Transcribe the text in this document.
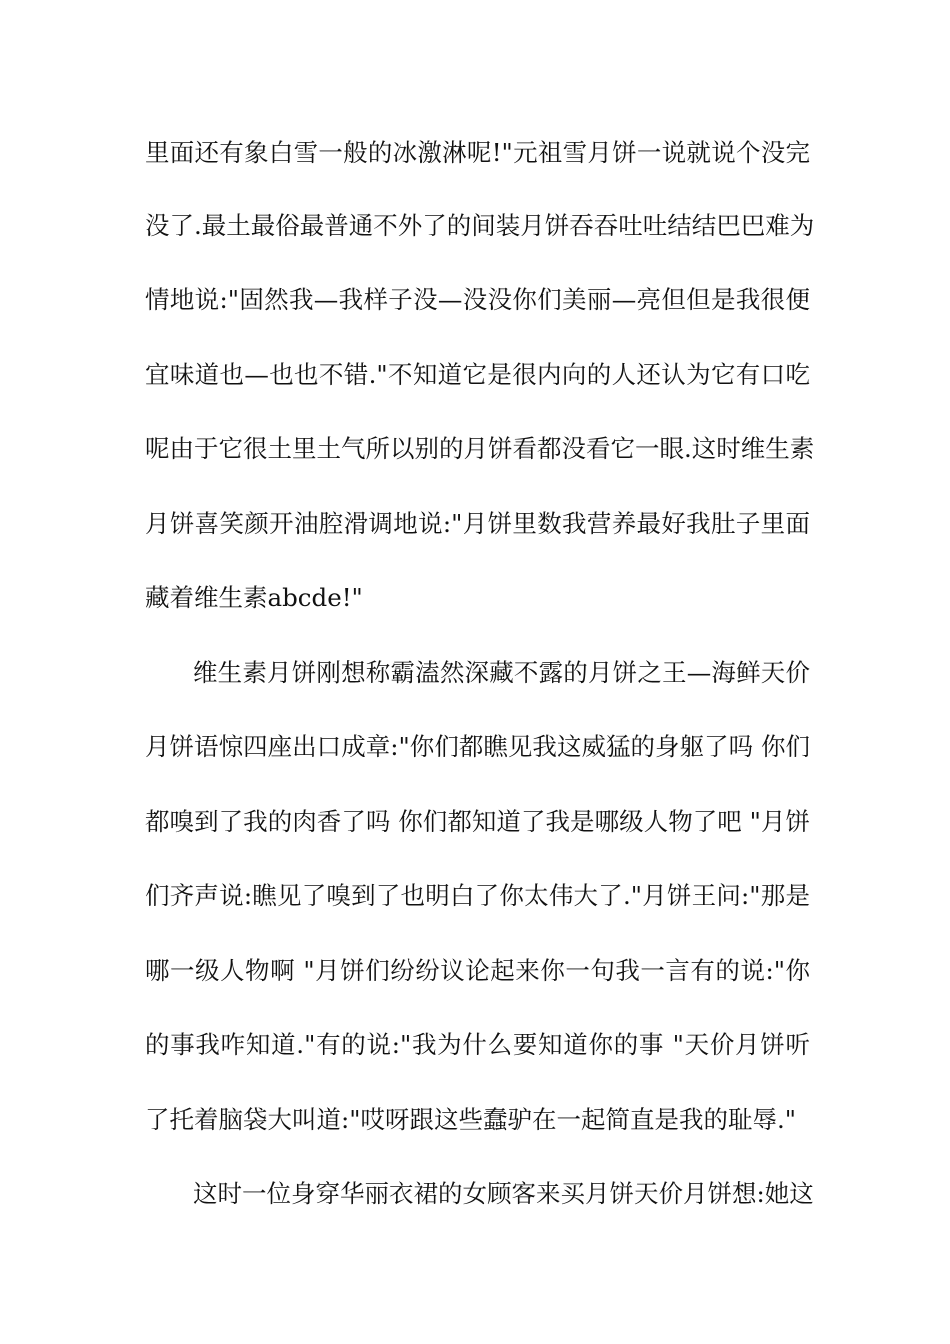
里面还有象白雪一般的冰激淋呢!"元祖雪月饼一说就说个没完
没了.最土最俗最普通不外了的间装月饼吞吞吐吐结结巴巴难为
情地说:"固然我—我样子没—没没你们美丽—亮但但是我很便
宜味道也—也也不错."不知道它是很内向的人还认为它有口吃
呢由于它很土里土气所以别的月饼看都没看它一眼.这时维生素
月饼喜笑颜开油腔滑调地说:"月饼里数我营养最好我肚子里面
藏着维生素abcde!"
维生素月饼刚想称霸溘然深藏不露的月饼之王—海鲜天价
月饼语惊四座出口成章:"你们都瞧见我这威猛的身躯了吗 你们
都嗅到了我的肉香了吗 你们都知道了我是哪级人物了吧 "月饼
们齐声说:瞧见了嗅到了也明白了你太伟大了."月饼王问:"那是
哪一级人物啊 "月饼们纷纷议论起来你一句我一言有的说:"你
的事我咋知道."有的说:"我为什么要知道你的事 "天价月饼听
了托着脑袋大叫道:"哎呀跟这些蠢驴在一起简直是我的耻辱."
这时一位身穿华丽衣裙的女顾客来买月饼天价月饼想:她这
